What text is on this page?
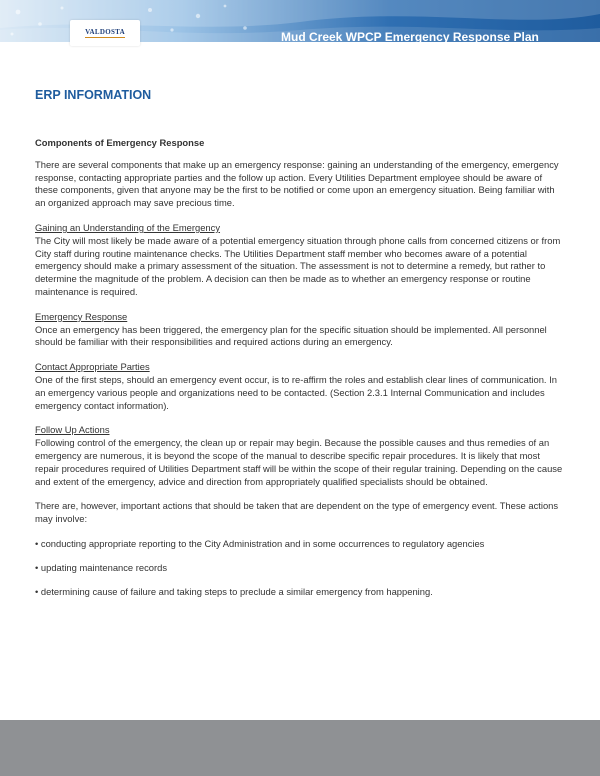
VALDOSTA	Mud Creek WPCP Emergency Response Plan
ERP INFORMATION

Components of Emergency Response

There are several components that make up an emergency response: gaining an understanding of the emergency, emergency response, contacting appropriate parties and the follow up action. Every Utilities Department employee should be aware of these components, given that anyone may be the first to be notified or come upon an emergency situation. Being familiar with an organized approach may save precious time.

Gaining an Understanding of the Emergency

The City will most likely be made aware of a potential emergency situation through phone calls from concerned citizens or from City staff during routine maintenance checks. The Utilities Department staff member who becomes aware of a potential emergency should make a primary assessment of the situation. The assessment is not to determine a remedy, but rather to determine the magnitude of the problem. A decision can then be made as to whether an emergency response or routine maintenance is required.

Emergency Response

Once an emergency has been triggered, the emergency plan for the specific situation should be implemented. All personnel should be familiar with their responsibilities and required actions during an emergency.

Contact Appropriate Parties

One of the first steps, should an emergency event occur, is to re-affirm the roles and establish clear lines of communication. In an emergency various people and organizations need to be contacted. (Section 2.3.1 Internal Communication and includes emergency contact information).

Follow Up Actions

Following control of the emergency, the clean up or repair may begin. Because the possible causes and thus remedies of an emergency are numerous, it is beyond the scope of the manual to describe specific repair procedures. It is likely that most repair procedures required of Utilities Department staff will be within the scope of their regular training. Depending on the cause and extent of the emergency, advice and direction from appropriately qualified specialists should be obtained.

There are, however, important actions that should be taken that are dependent on the type of emergency event. These actions may involve:

• conducting appropriate reporting to the City Administration and in some occurrences to regulatory agencies

• updating maintenance records

• determining cause of failure and taking steps to preclude a similar emergency from happening.
